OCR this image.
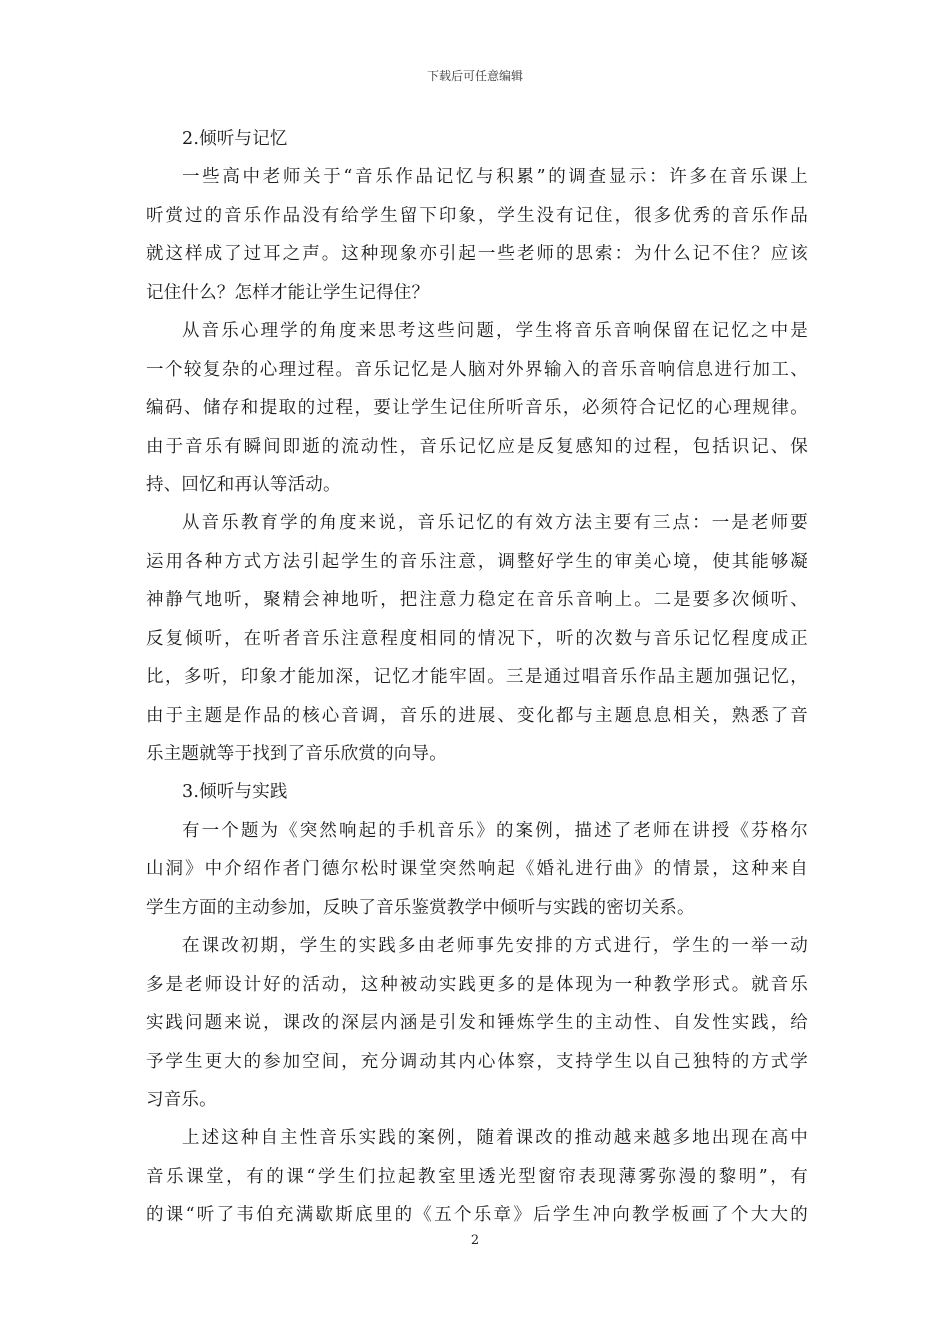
下载后可任意编辑
2.倾听与记忆
一些高中老师关于“音乐作品记忆与积累”的调查显示：许多在音乐课上
听赏过的音乐作品没有给学生留下印象，学生没有记住，很多优秀的音乐作品
就这样成了过耳之声。这种现象亦引起一些老师的思索：为什么记不住？应该
记住什么？怎样才能让学生记得住？
从音乐心理学的角度来思考这些问题，学生将音乐音响保留在记忆之中是
一个较复杂的心理过程。音乐记忆是人脑对外界输入的音乐音响信息进行加工、
编码、储存和提取的过程，要让学生记住所听音乐，必须符合记忆的心理规律。
由于音乐有瞬间即逝的流动性，音乐记忆应是反复感知的过程，包括识记、保
持、回忆和再认等活动。
从音乐教育学的角度来说，音乐记忆的有效方法主要有三点：一是老师要
运用各种方式方法引起学生的音乐注意，调整好学生的审美心境，使其能够凝
神静气地听，聚精会神地听，把注意力稳定在音乐音响上。二是要多次倾听、
反复倾听，在听者音乐注意程度相同的情况下，听的次数与音乐记忆程度成正
比，多听，印象才能加深，记忆才能牢固。三是通过唱音乐作品主题加强记忆，
由于主题是作品的核心音调，音乐的进展、变化都与主题息息相关，熟悉了音
乐主题就等于找到了音乐欣赏的向导。
3.倾听与实践
有一个题为《突然响起的手机音乐》的案例，描述了老师在讲授《芬格尔
山洞》中介绍作者门德尔松时课堂突然响起《婚礼进行曲》的情景，这种来自
学生方面的主动参加，反映了音乐鉴赏教学中倾听与实践的密切关系。
在课改初期，学生的实践多由老师事先安排的方式进行，学生的一举一动
多是老师设计好的活动，这种被动实践更多的是体现为一种教学形式。就音乐
实践问题来说，课改的深层内涵是引发和锤炼学生的主动性、自发性实践，给
予学生更大的参加空间，充分调动其内心体察，支持学生以自己独特的方式学
习音乐。
上述这种自主性音乐实践的案例，随着课改的推动越来越多地出现在高中
音乐课堂，有的课“学生们拉起教室里透光型窗帘表现薄雾弥漫的黎明”，有
的课“听了韦伯充满歇斯底里的《五个乐章》后学生冲向教学板画了个大大的
2
